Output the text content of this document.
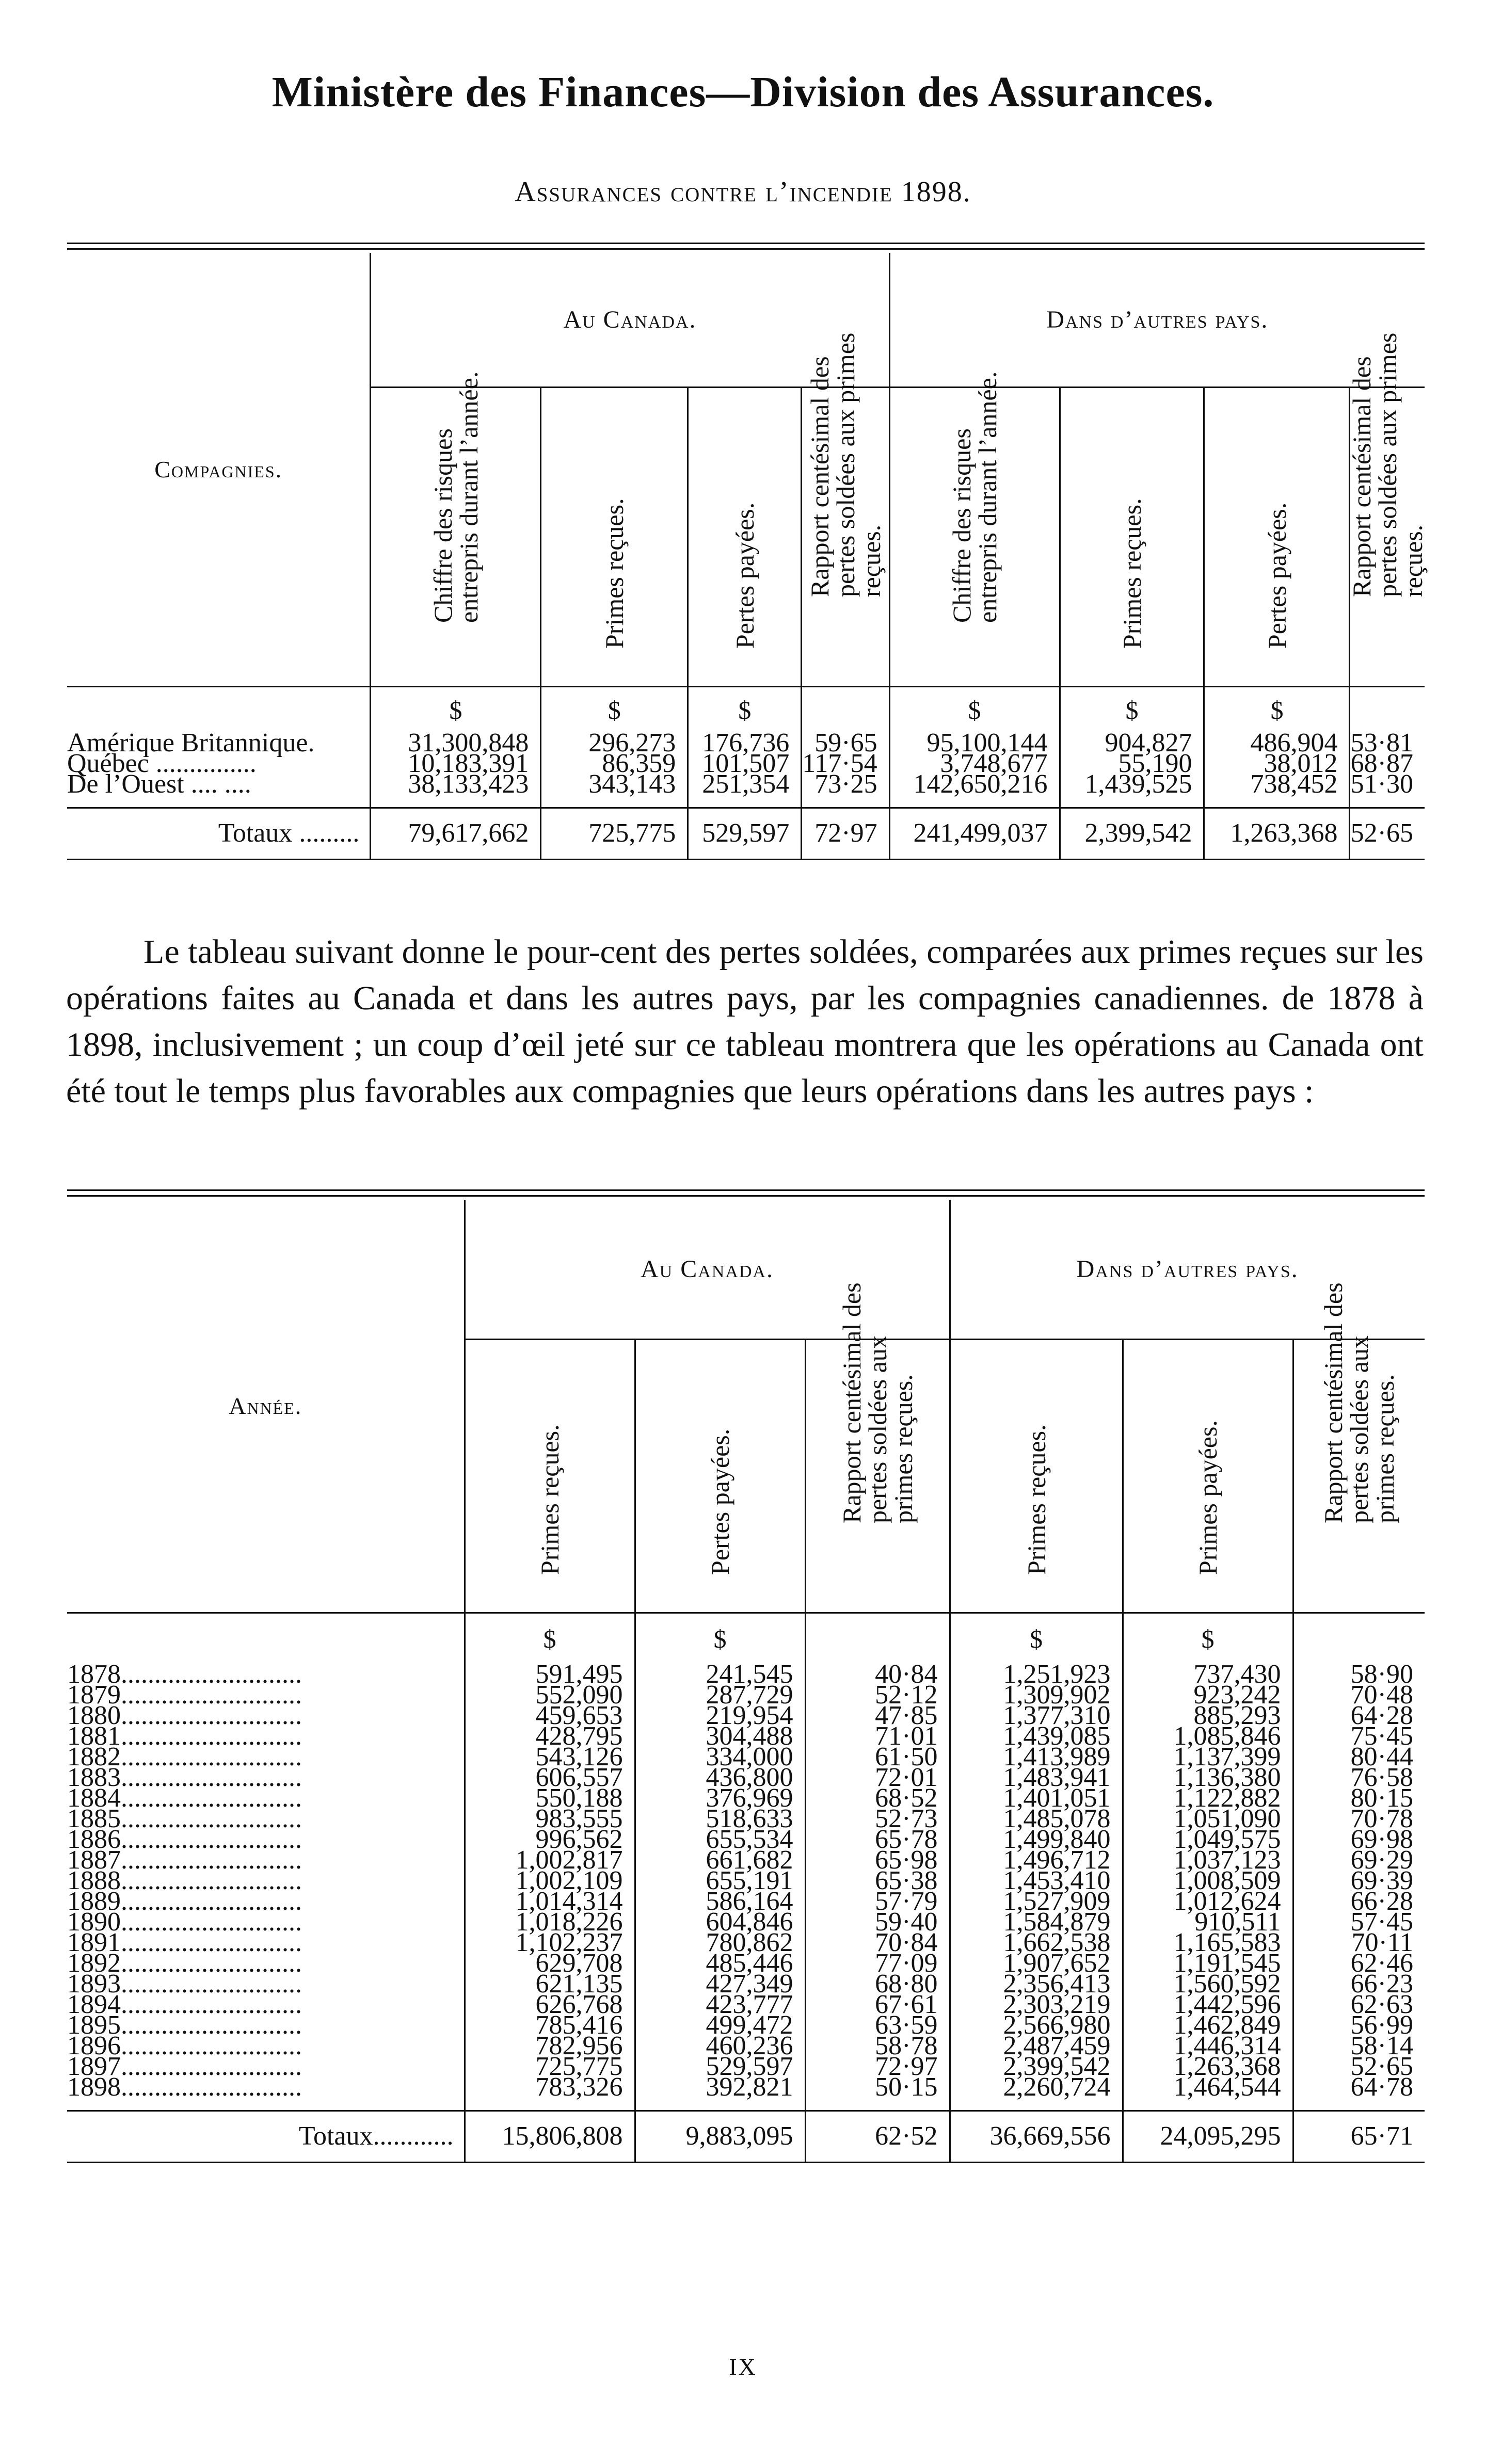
Ministère des Finances—Division des Assurances.
Assurances contre l’incendie 1898.
Compagnies.	Au Canada.				Dans d’autres pays.			

	Chiffre des risques entrepris durant l’année.	Primes reçues.	Pertes payées.	Rapport centésimal des pertes soldées aux primes reçues.	Chiffre des risques entrepris durant l’année.	Primes reçues.	Pertes payées.	Rapport centésimal des pertes soldées aux primes reçues.

	$	$	$		$	$	$	
Amérique Britannique.	31,300,848	296,273	176,736	59·65	95,100,144	904,827	486,904	53·81
Québec ...............	10,183,391	86,359	101,507	117·54	3,748,677	55,190	38,012	68·87
De l’Ouest .... ....	38,133,423	343,143	251,354	73·25	142,650,216	1,439,525	738,452	51·30

Totaux .........	79,617,662	725,775	529,597	72·97	241,499,037	2,399,542	1,263,368	52·65
Le tableau suivant donne le pour-cent des pertes soldées, comparées aux primes reçues sur les opérations faites au Canada et dans les autres pays, par les compagnies canadiennes. de 1878 à 1898, inclusivement ; un coup d’œil jeté sur ce tableau montrera que les opérations au Canada ont été tout le temps plus favorables aux compagnies que leurs opérations dans les autres pays :
Année.	Au Canada.			Dans d’autres pays.		

	Primes reçues.	Pertes payées.	Rapport centésimal des pertes soldées aux primes reçues.	Primes reçues.	Primes payées.	Rapport centésimal des pertes soldées aux primes reçues.

	$	$		$	$	
1878...........................	591,495	241,545	40·84	1,251,923	737,430	58·90
1879...........................	552,090	287,729	52·12	1,309,902	923,242	70·48
1880...........................	459,653	219,954	47·85	1,377,310	885,293	64·28
1881...........................	428,795	304,488	71·01	1,439,085	1,085,846	75·45
1882...........................	543,126	334,000	61·50	1,413,989	1,137,399	80·44
1883...........................	606,557	436,800	72·01	1,483,941	1,136,380	76·58
1884...........................	550,188	376,969	68·52	1,401,051	1,122,882	80·15
1885...........................	983,555	518,633	52·73	1,485,078	1,051,090	70·78
1886...........................	996,562	655,534	65·78	1,499,840	1,049,575	69·98
1887...........................	1,002,817	661,682	65·98	1,496,712	1,037,123	69·29
1888...........................	1,002,109	655,191	65·38	1,453,410	1,008,509	69·39
1889...........................	1,014,314	586,164	57·79	1,527,909	1,012,624	66·28
1890...........................	1,018,226	604,846	59·40	1,584,879	910,511	57·45
1891...........................	1,102,237	780,862	70·84	1,662,538	1,165,583	70·11
1892...........................	629,708	485,446	77·09	1,907,652	1,191,545	62·46
1893...........................	621,135	427,349	68·80	2,356,413	1,560,592	66·23
1894...........................	626,768	423,777	67·61	2,303,219	1,442,596	62·63
1895...........................	785,416	499,472	63·59	2,566,980	1,462,849	56·99
1896...........................	782,956	460,236	58·78	2,487,459	1,446,314	58·14
1897...........................	725,775	529,597	72·97	2,399,542	1,263,368	52·65
1898...........................	783,326	392,821	50·15	2,260,724	1,464,544	64·78

Totaux............	15,806,808	9,883,095	62·52	36,669,556	24,095,295	65·71
IX
